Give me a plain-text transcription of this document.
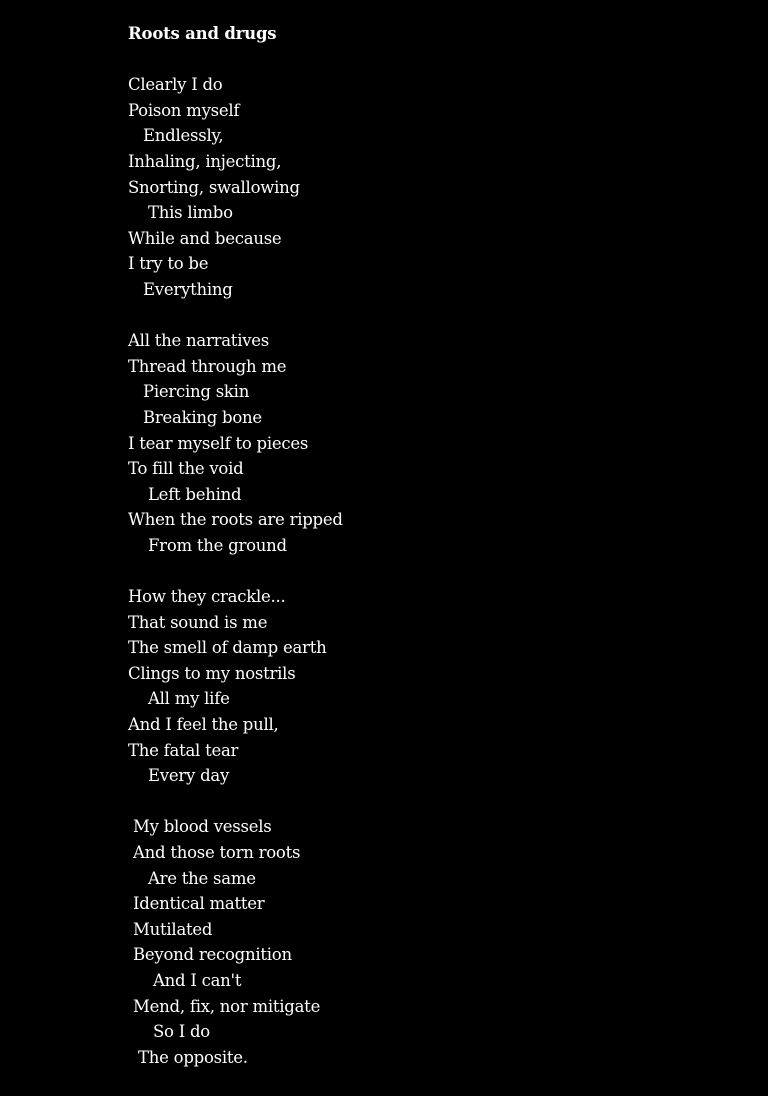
Roots and drugs
Clearly I do
Poison myself
Endlessly,
Inhaling, injecting,
Snorting, swallowing
This limbo
While and because
I try to be
Everything
All the narratives
Thread through me
Piercing skin
Breaking bone
I tear myself to pieces
To fill the void
Left behind
When the roots are ripped
From the ground
How they crackle...
That sound is me
The smell of damp earth
Clings to my nostrils
All my life
And I feel the pull,
The fatal tear
Every day
My blood vessels
And those torn roots
Are the same
Identical matter
Mutilated
Beyond recognition
And I can't
Mend, fix, nor mitigate
So I do
The opposite.
